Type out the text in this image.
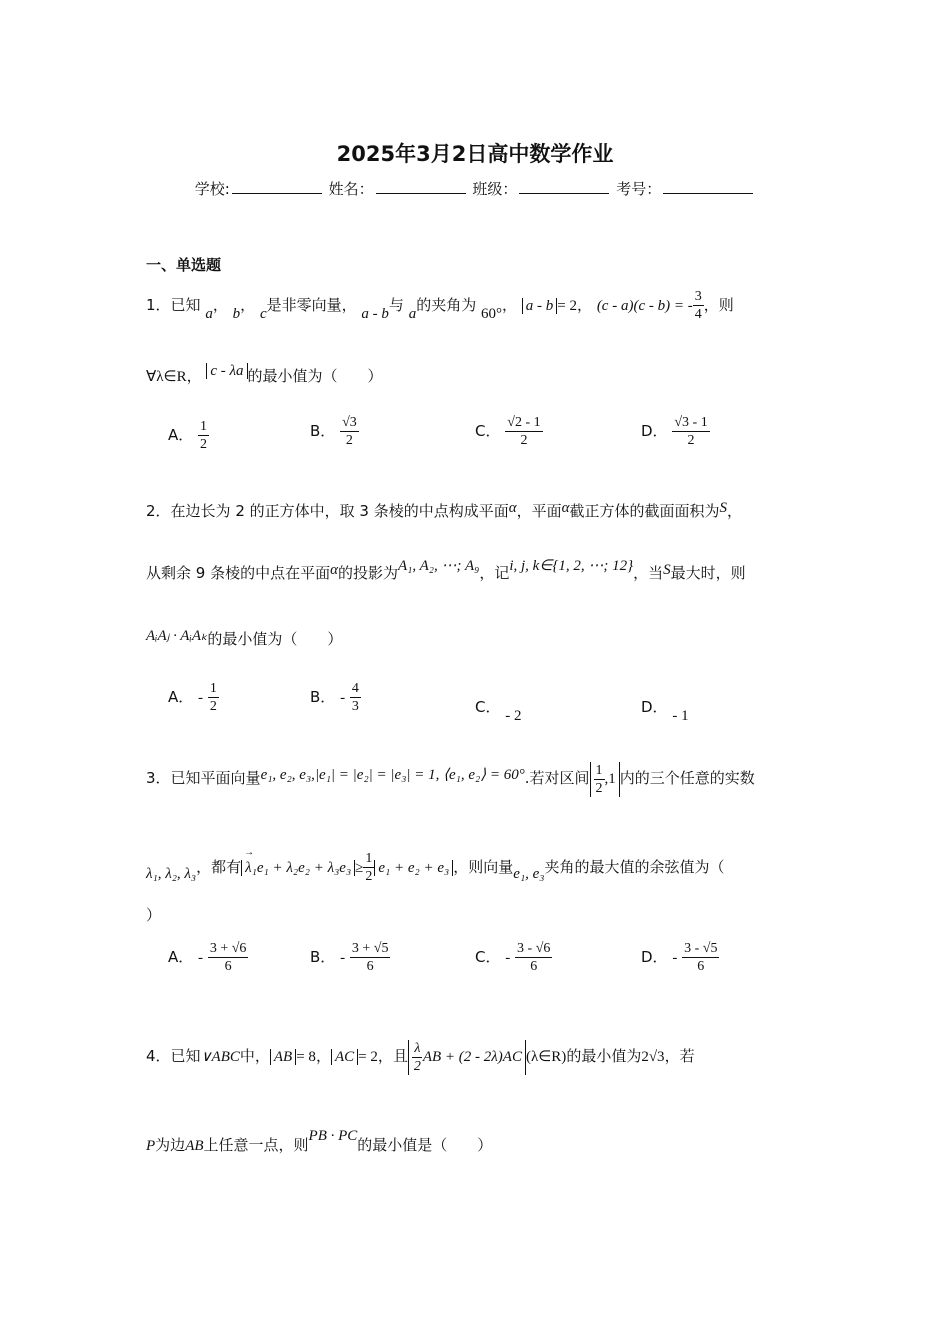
2025年3月2日高中数学作业
学校:	姓名：	班级：	考号：
一、单选题
1．已知 a， b， c是非零向量， a - b与 a的夹角为 60°， a - b = 2， (c - a)(c - b) = - $\frac{3}{4}$ ，则
∀λ∈R， c - λa 的最小值为（　　）
A． $\frac{1}{2}$	B． $\frac{√3}{2}$	C． $\frac{√2 - 1}{2}$	D． $\frac{√3 - 1}{2}$
2．在边长为 2 的正方体中，取 3 条棱的中点构成平面α，平面α截正方体的截面面积为S，
从剩余 9 条棱的中点在平面α的投影为A₁, A₂, ⋯; A₉，记i, j, k∈{1, 2, ⋯; 12}，当S最大时，则
AᵢAⱼ · AᵢAₖ的最小值为（　　）
A． - $\frac{1}{2}$	B． - $\frac{4}{3}$	C． - 2	D． - 1
3．已知平面向量e₁, e₂, e₃,|e₁| = |e₂| = |e₃| = 1, ⟨e₁, e₂⟩ = 60°.若对区间 $\frac{1}{2} ,1$ 内的三个任意的实数
λ₁, λ₂, λ₃，都有→ $\lambda_1e_1 + \lambda_2e_2 + \lambda_3e_3 \ge \frac{1}{2} e_1 + e_2 + e_3$ ，则向量e₁, e₃夹角的最大值的余弦值为（
）
A． - $\frac{3 + √6}{6}$	B． - $\frac{3 + √5}{6}$	C． - $\frac{3 - √6}{6}$	D． - $\frac{3 - √5}{6}$
4．已知∨ABC中， AB = 8， AC = 2，且 $\frac{\lambda}{2}$ AB + (2 - 2λ)AC (λ∈R)的最小值为2√3，若
P为边AB上任意一点，则PB · PC的最小值是（　　）
